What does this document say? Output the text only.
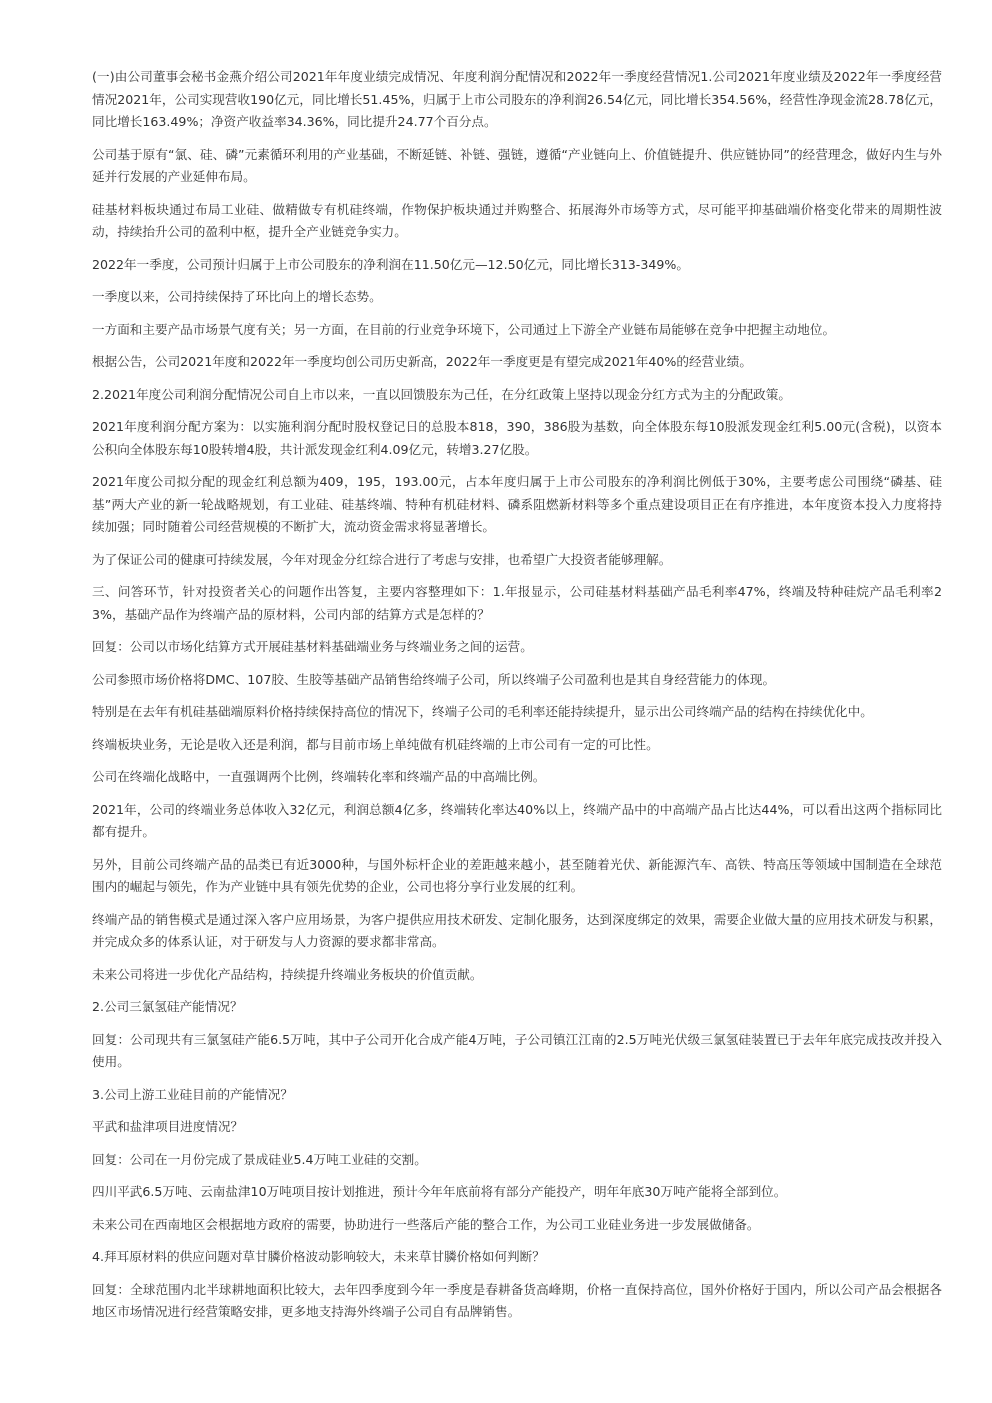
(一)由公司董事会秘书金燕介绍公司2021年年度业绩完成情况、年度利润分配情况和2022年一季度经营情况1.公司2021年度业绩及2022年一季度经营情况2021年，公司实现营收190亿元，同比增长51.45%，归属于上市公司股东的净利润26.54亿元，同比增长354.56%，经营性净现金流28.78亿元，同比增长163.49%；净资产收益率34.36%，同比提升24.77个百分点。

公司基于原有“氯、硅、磷”元素循环利用的产业基础，不断延链、补链、强链，遵循“产业链向上、价值链提升、供应链协同”的经营理念，做好内生与外延并行发展的产业延伸布局。

硅基材料板块通过布局工业硅、做精做专有机硅终端，作物保护板块通过并购整合、拓展海外市场等方式，尽可能平抑基础端价格变化带来的周期性波动，持续抬升公司的盈利中枢，提升全产业链竞争实力。

2022年一季度，公司预计归属于上市公司股东的净利润在11.50亿元—12.50亿元，同比增长313-349%。

一季度以来，公司持续保持了环比向上的增长态势。

一方面和主要产品市场景气度有关；另一方面，在目前的行业竞争环境下，公司通过上下游全产业链布局能够在竞争中把握主动地位。

根据公告，公司2021年度和2022年一季度均创公司历史新高，2022年一季度更是有望完成2021年40%的经营业绩。

2.2021年度公司利润分配情况公司自上市以来，一直以回馈股东为己任，在分红政策上坚持以现金分红方式为主的分配政策。

2021年度利润分配方案为：以实施利润分配时股权登记日的总股本818，390，386股为基数，向全体股东每10股派发现金红利5.00元(含税)，以资本公积向全体股东每10股转增4股，共计派发现金红利4.09亿元，转增3.27亿股。

2021年度公司拟分配的现金红利总额为409，195，193.00元，占本年度归属于上市公司股东的净利润比例低于30%，主要考虑公司围绕“磷基、硅基”两大产业的新一轮战略规划，有工业硅、硅基终端、特种有机硅材料、磷系阻燃新材料等多个重点建设项目正在有序推进，本年度资本投入力度将持续加强；同时随着公司经营规模的不断扩大，流动资金需求将显著增长。

为了保证公司的健康可持续发展，今年对现金分红综合进行了考虑与安排，也希望广大投资者能够理解。

三、问答环节，针对投资者关心的问题作出答复，主要内容整理如下：1.年报显示，公司硅基材料基础产品毛利率47%，终端及特种硅烷产品毛利率23%，基础产品作为终端产品的原材料，公司内部的结算方式是怎样的？

回复：公司以市场化结算方式开展硅基材料基础端业务与终端业务之间的运营。

公司参照市场价格将DMC、107胶、生胶等基础产品销售给终端子公司，所以终端子公司盈利也是其自身经营能力的体现。

特别是在去年有机硅基础端原料价格持续保持高位的情况下，终端子公司的毛利率还能持续提升，显示出公司终端产品的结构在持续优化中。

终端板块业务，无论是收入还是利润，都与目前市场上单纯做有机硅终端的上市公司有一定的可比性。

公司在终端化战略中，一直强调两个比例，终端转化率和终端产品的中高端比例。

2021年，公司的终端业务总体收入32亿元，利润总额4亿多，终端转化率达40%以上，终端产品中的中高端产品占比达44%，可以看出这两个指标同比都有提升。

另外，目前公司终端产品的品类已有近3000种，与国外标杆企业的差距越来越小，甚至随着光伏、新能源汽车、高铁、特高压等领域中国制造在全球范围内的崛起与领先，作为产业链中具有领先优势的企业，公司也将分享行业发展的红利。

终端产品的销售模式是通过深入客户应用场景，为客户提供应用技术研发、定制化服务，达到深度绑定的效果，需要企业做大量的应用技术研发与积累，并完成众多的体系认证，对于研发与人力资源的要求都非常高。

未来公司将进一步优化产品结构，持续提升终端业务板块的价值贡献。

2.公司三氯氢硅产能情况？

回复：公司现共有三氯氢硅产能6.5万吨，其中子公司开化合成产能4万吨，子公司镇江江南的2.5万吨光伏级三氯氢硅装置已于去年年底完成技改并投入使用。

3.公司上游工业硅目前的产能情况？

平武和盐津项目进度情况？

回复：公司在一月份完成了景成硅业5.4万吨工业硅的交割。

四川平武6.5万吨、云南盐津10万吨项目按计划推进，预计今年年底前将有部分产能投产，明年年底30万吨产能将全部到位。

未来公司在西南地区会根据地方政府的需要，协助进行一些落后产能的整合工作，为公司工业硅业务进一步发展做储备。

4.拜耳原材料的供应问题对草甘膦价格波动影响较大，未来草甘膦价格如何判断？

回复：全球范围内北半球耕地面积比较大，去年四季度到今年一季度是春耕备货高峰期，价格一直保持高位，国外价格好于国内，所以公司产品会根据各地区市场情况进行经营策略安排，更多地支持海外终端子公司自有品牌销售。
